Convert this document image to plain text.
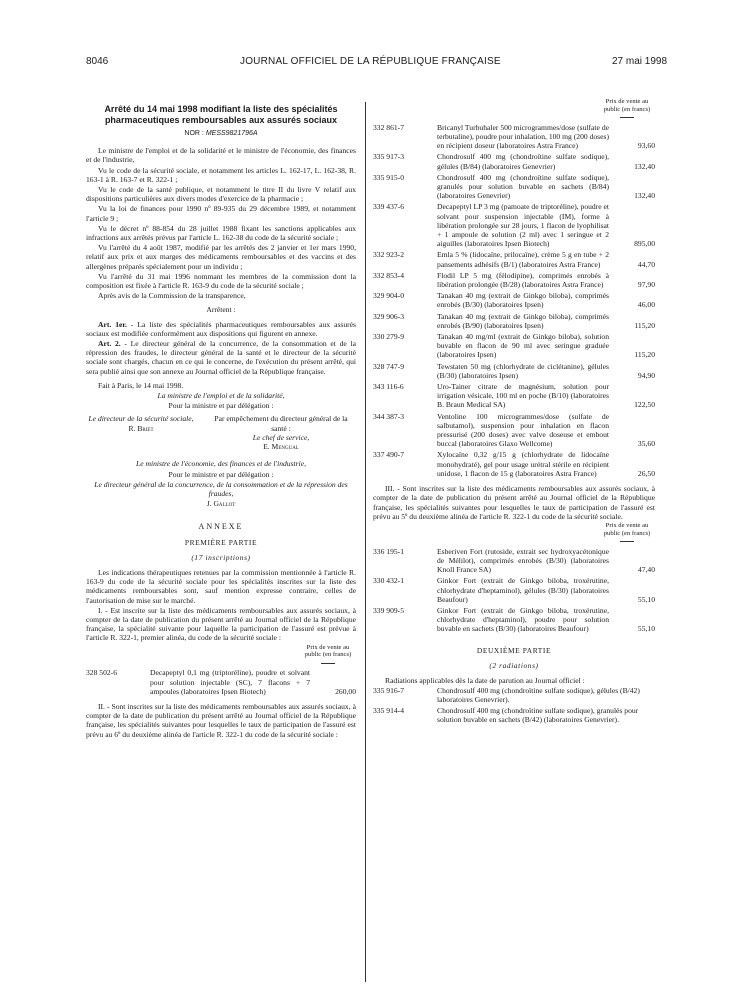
8046	JOURNAL OFFICIEL DE LA RÉPUBLIQUE FRANÇAISE	27 mai 1998
Arrêté du 14 mai 1998 modifiant la liste des spécialités pharmaceutiques remboursables aux assurés sociaux
NOR : MESS9821796A

Le ministre de l'emploi et de la solidarité et le ministre de l'économie, des finances et de l'industrie,

Vu le code de la sécurité sociale, et notamment les articles L. 162-17, L. 162-38, R. 163-1 à R. 163-7 et R. 322-1 ;

Vu le code de la santé publique, et notamment le titre II du livre V relatif aux dispositions particulières aux divers modes d'exercice de la pharmacie ;

Vu la loi de finances pour 1990 nº 89-935 du 29 décembre 1989, et notamment l'article 9 ;

Vu le décret nº 88-854 du 28 juillet 1988 fixant les sanctions applicables aux infractions aux arrêtés prévus par l'article L. 162-38 du code de la sécurité sociale ;

Vu l'arrêté du 4 août 1987, modifié par les arrêtés des 2 janvier et 1er mars 1990, relatif aux prix et aux marges des médicaments remboursables et des vaccins et des allergènes préparés spécialement pour un individu ;

Vu l'arrêté du 31 mai 1996 nommant les membres de la commission dont la composition est fixée à l'article R. 163-9 du code de la sécurité sociale ;

Après avis de la Commission de la transparence,

Arrêtent :

Art. 1er. - La liste des spécialités pharmaceutiques remboursables aux assurés sociaux est modifiée conformément aux dispositions qui figurent en annexe.

Art. 2. - Le directeur général de la concurrence, de la consommation et de la répression des fraudes, le directeur général de la santé et le directeur de la sécurité sociale sont chargés, chacun en ce qui le concerne, de l'exécution du présent arrêté, qui sera publié ainsi que son annexe au Journal officiel de la République française.

Fait à Paris, le 14 mai 1998.

La ministre de l'emploi et de la solidarité,

Pour la ministre et par délégation :

Le directeur de la sécurité sociale,
R. Briet
Par empêchement du directeur général de la santé :
Le chef de service,
E. Mengual

Le ministre de l'économie, des finances et de l'industrie,

Pour le ministre et par délégation :

Le directeur général de la concurrence, de la consommation et de la répression des fraudes,

J. Gallot

ANNEXE
PREMIÈRE PARTIE
(17 inscriptions)

Les indications thérapeutiques retenues par la commission mentionnée à l'article R. 163-9 du code de la sécurité sociale pour les spécialités inscrites sur la liste des médicaments remboursables sont, sauf mention expresse contraire, celles de l'autorisation de mise sur le marché.

I. - Est inscrite sur la liste des médicaments remboursables aux assurés sociaux, à compter de la date de publication du présent arrêté au Journal officiel de la République française, la spécialité suivante pour laquelle la participation de l'assuré est prévue à l'article R. 322-1, premier alinéa, du code de la sécurité sociale :

Prix de vente au public (en francs)

328 502-6	Decapeptyl 0,1 mg (triptoréline), poudre et solvant pour solution injectable (SC), 7 flacons + 7 ampoules (laboratoires Ipsen Biotech)	260,00

II. - Sont inscrites sur la liste des médicaments remboursables aux assurés sociaux, à compter de la date de publication du présent arrêté au Journal officiel de la République française, les spécialités suivantes pour lesquelles le taux de participation de l'assuré est prévu au 6º du deuxième alinéa de l'article R. 322-1 du code de la sécurité sociale :

Prix de vente au public (en francs)

332 861-7	Bricanyl Turbuhaler 500 microgrammes/dose (sulfate de terbutaline), poudre pour inhalation, 100 mg (200 doses) en récipient doseur (laboratoires Astra France)	93,60
335 917-3	Chondrosulf 400 mg (chondroïtine sulfate sodique), gélules (B/84) (laboratoires Genevrier)	132,40
335 915-0	Chondrosulf 400 mg (chondroïtine sulfate sodique), granulés pour solution buvable en sachets (B/84) (laboratoires Genevrier)	132,40
339 437-6	Decapeptyl LP 3 mg (pamoate de triptoréline), poudre et solvant pour suspension injectable (IM), forme à libération prolongée sur 28 jours, 1 flacon de lyophilisat + 1 ampoule de solution (2 ml) avec 1 seringue et 2 aiguilles (laboratoires Ipsen Biotech)	895,00
332 923-2	Emla 5 % (lidocaïne, prilocaïne), crème 5 g en tube + 2 pansements adhésifs (B/1) (laboratoires Astra France)	44,70
332 853-4	Flodil LP 5 mg (félodipine), comprimés enrobés à libération prolongée (B/28) (laboratoires Astra France)	97,90
329 904-0	Tanakan 40 mg (extrait de Ginkgo biloba), comprimés enrobés (B/30) (laboratoires Ipsen)	46,00
329 906-3	Tanakan 40 mg (extrait de Ginkgo biloba), comprimés enrobés (B/90) (laboratoires Ipsen)	115,20
330 279-9	Tanakan 40 mg/ml (extrait de Ginkgo biloba), solution buvable en flacon de 90 ml avec seringue graduée (laboratoires Ipsen)	115,20
328 747-9	Tewstaten 50 mg (chlorhydrate de ciclétanine), gélules (B/30) (laboratoires Ipsen)	94,90
343 116-6	Uro-Tainer citrate de magnésium, solution pour irrigation vésicale, 100 ml en poche (B/10) (laboratoires B. Braun Medical SA)	122,50
344 387-3	Ventoline 100 microgrammes/dose (sulfate de salbutamol), suspension pour inhalation en flacon pressurisé (200 doses) avec valve doseuse et embout buccal (laboratoires Glaxo Wellcome)	35,60
337 490-7	Xylocaïne 0,32 g/15 g (chlorhydrate de lidocaïne monohydraté), gel pour usage urétral stérile en récipient unidose, 1 flacon de 15 g (laboratoires Astra France)	26,50

III. - Sont inscrites sur la liste des médicaments remboursables aux assurés sociaux, à compter de la date de publication du présent arrêté au Journal officiel de la République française, les spécialités suivantes pour lesquelles le taux de participation de l'assuré est prévu au 5º du deuxième alinéa de l'article R. 322-1 du code de la sécurité sociale.

Prix de vente au public (en francs)

336 195-1	Esberiven Fort (rutoside, extrait sec hydroxyacétonique de Mélilot), comprimés enrobés (B/30) (laboratoires Knoll France SA)	47,40
330 432-1	Ginkor Fort (extrait de Ginkgo biloba, troxérutine, chlorhydrate d'heptaminol), gélules (B/30) (laboratoires Beaufour)	55,10
339 909-5	Ginkor Fort (extrait de Ginkgo biloba, troxérutine, chlorhydrate d'heptaminol), poudre pour solution buvable en sachets (B/30) (laboratoires Beaufour)	55,10
DEUXIÈME PARTIE
(2 radiations)

Radiations applicables dès la date de parution au Journal officiel :

335 916-7	Chondrosulf 400 mg (chondroïtine sulfate sodique), gélules (B/42) laboratoires Genevrier).
335 914-4	Chondrosulf 400 mg (chondroïtine sulfate sodique), granulés pour solution buvable en sachets (B/42) (laboratoires Genevrier).
